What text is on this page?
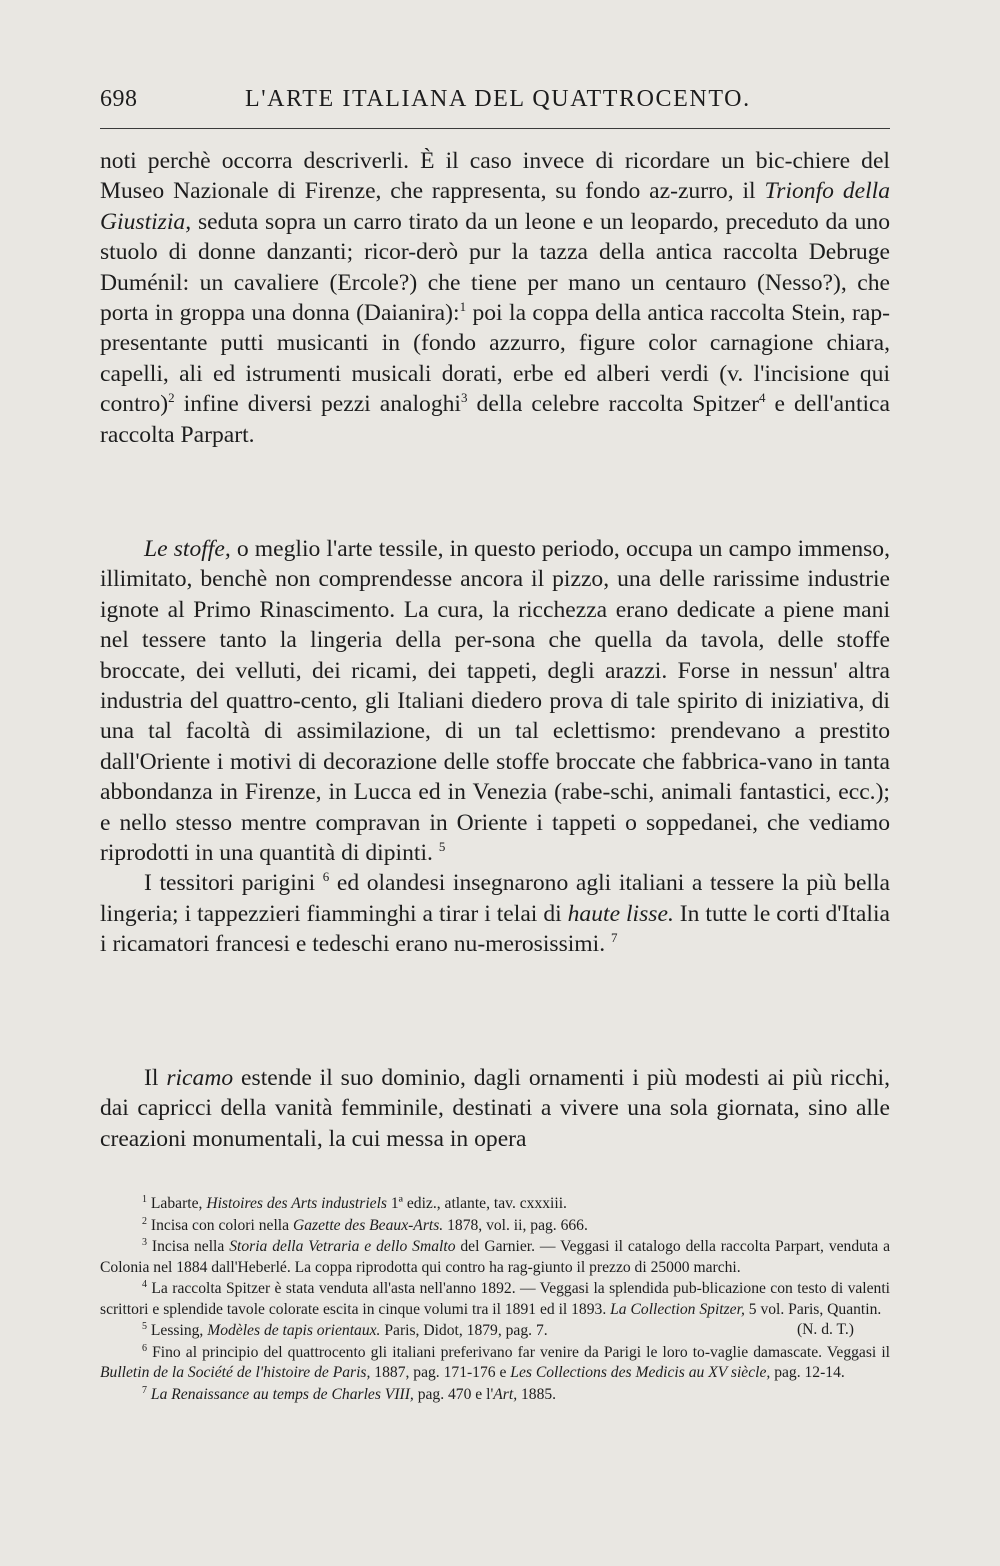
698	L'ARTE ITALIANA DEL QUATTROCENTO.

noti perchè occorra descriverli. È il caso invece di ricordare un bic-chiere del Museo Nazionale di Firenze, che rappresenta, su fondo az-zurro, il Trionfo della Giustizia, seduta sopra un carro tirato da un leone e un leopardo, preceduto da uno stuolo di donne danzanti; ricor-derò pur la tazza della antica raccolta Debruge Duménil: un cavaliere (Ercole?) che tiene per mano un centauro (Nesso?), che porta in groppa una donna (Daianira):$^1$ poi la coppa della antica raccolta Stein, rap-presentante putti musicanti in (fondo azzurro, figure color carnagione chiara, capelli, ali ed istrumenti musicali dorati, erbe ed alberi verdi (v. l'incisione qui contro)$^2$ infine diversi pezzi analoghi$^3$ della celebre raccolta Spitzer$^4$ e dell'antica raccolta Parpart.

Le stoffe, o meglio l'arte tessile, in questo periodo, occupa un campo immenso, illimitato, benchè non comprendesse ancora il pizzo, una delle rarissime industrie ignote al Primo Rinascimento. La cura, la ricchezza erano dedicate a piene mani nel tessere tanto la lingeria della per-sona che quella da tavola, delle stoffe broccate, dei velluti, dei ricami, dei tappeti, degli arazzi. Forse in nessun' altra industria del quattro-cento, gli Italiani diedero prova di tale spirito di iniziativa, di una tal facoltà di assimilazione, di un tal eclettismo: prendevano a prestito dall'Oriente i motivi di decorazione delle stoffe broccate che fabbrica-vano in tanta abbondanza in Firenze, in Lucca ed in Venezia (rabe-schi, animali fantastici, ecc.); e nello stesso mentre compravan in Oriente i tappeti o soppedanei, che vediamo riprodotti in una quantità di dipinti. $^5$

I tessitori parigini $^6$ ed olandesi insegnarono agli italiani a tessere la più bella lingeria; i tappezzieri fiamminghi a tirar i telai di haute lisse. In tutte le corti d'Italia i ricamatori francesi e tedeschi erano nu-merosissimi. $^7$

Il ricamo estende il suo dominio, dagli ornamenti i più modesti ai più ricchi, dai capricci della vanità femminile, destinati a vivere una sola giornata, sino alle creazioni monumentali, la cui messa in opera

$^1$ Labarte, Histoires des Arts industriels 1ª ediz., atlante, tav. cxxxiii.

$^2$ Incisa con colori nella Gazette des Beaux-Arts. 1878, vol. ii, pag. 666.

$^3$ Incisa nella Storia della Vetraria e dello Smalto del Garnier. — Veggasi il catalogo della raccolta Parpart, venduta a Colonia nel 1884 dall'Heberlé. La coppa riprodotta qui contro ha rag-giunto il prezzo di 25000 marchi.

$^4$ La raccolta Spitzer è stata venduta all'asta nell'anno 1892. — Veggasi la splendida pub-blicazione con testo di valenti scrittori e splendide tavole colorate escita in cinque volumi tra il 1891 ed il 1893. La Collection Spitzer, 5 vol. Paris, Quantin.
(N. d. T.)

$^5$ Lessing, Modèles de tapis orientaux. Paris, Didot, 1879, pag. 7.

$^6$ Fino al principio del quattrocento gli italiani preferivano far venire da Parigi le loro to-vaglie damascate. Veggasi il Bulletin de la Société de l'histoire de Paris, 1887, pag. 171-176 e Les Collections des Medicis au XV siècle, pag. 12-14.

$^7$ La Renaissance au temps de Charles VIII, pag. 470 e l'Art, 1885.
